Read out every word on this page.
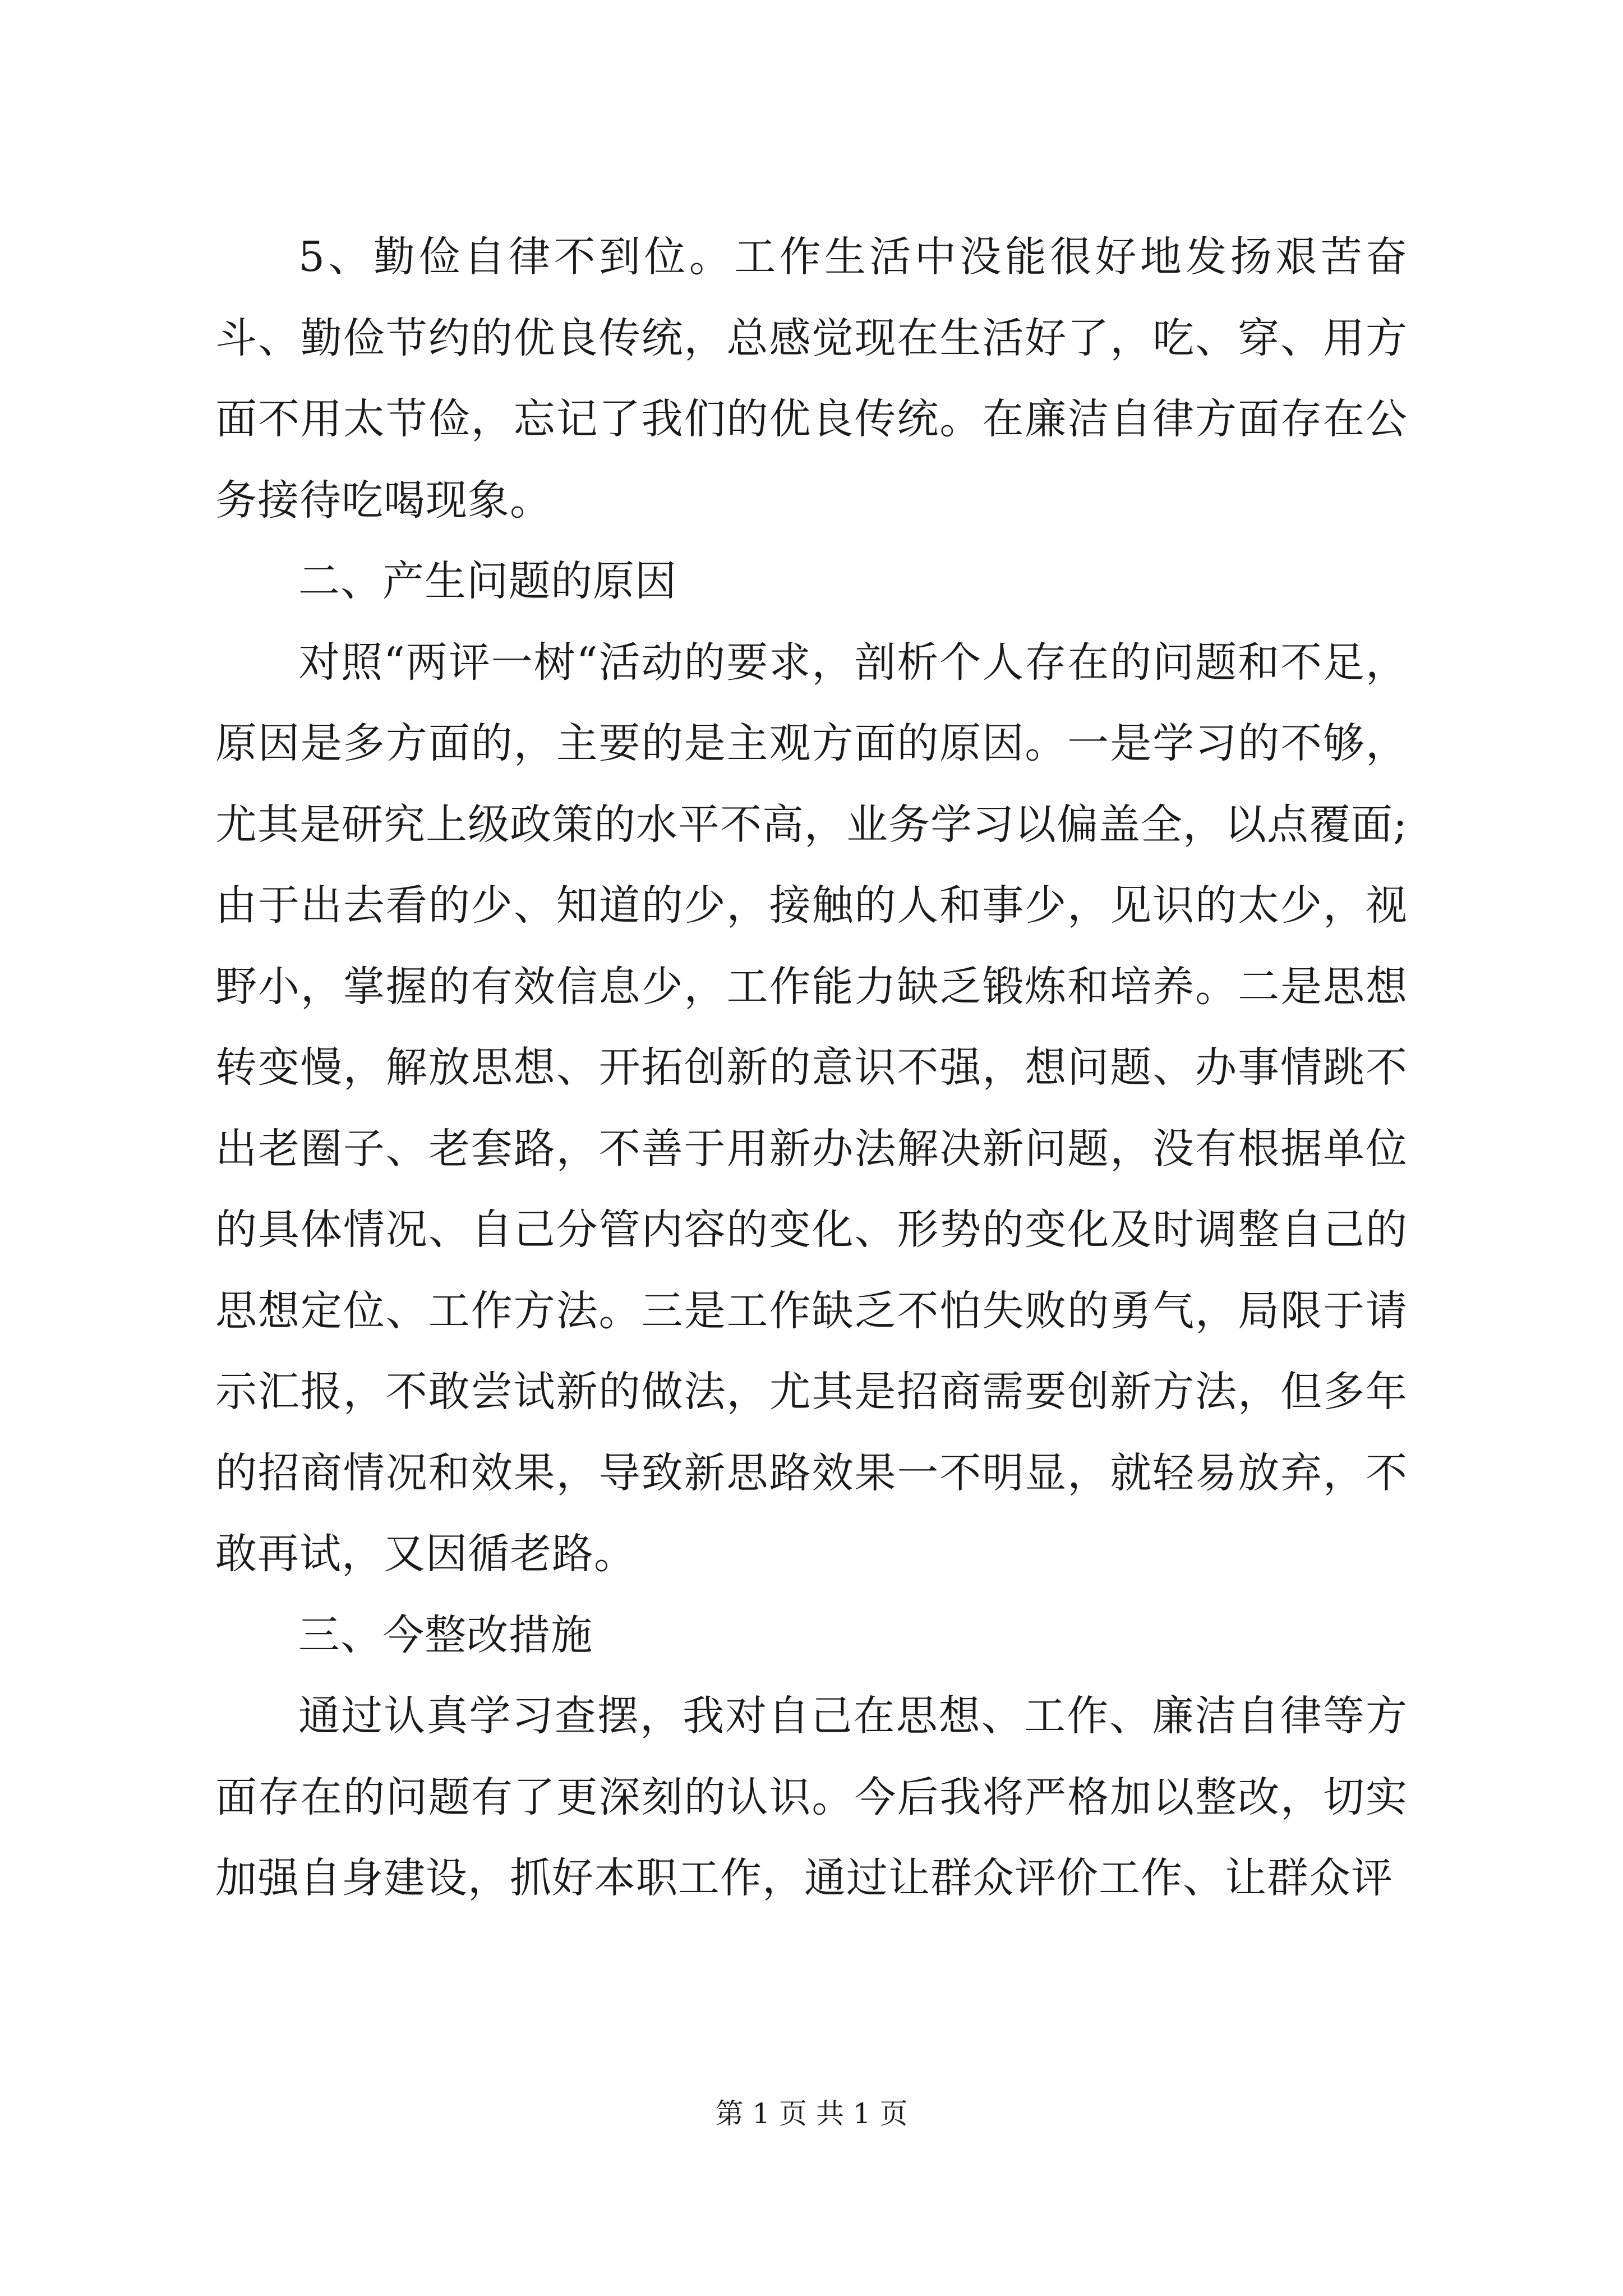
5、勤俭自律不到位。工作生活中没能很好地发扬艰苦奋斗、勤俭节约的优良传统，总感觉现在生活好了，吃、穿、用方面不用太节俭，忘记了我们的优良传统。在廉洁自律方面存在公务接待吃喝现象。

二、产生问题的原因

对照“两评一树“活动的要求，剖析个人存在的问题和不足，原因是多方面的，主要的是主观方面的原因。一是学习的不够，尤其是研究上级政策的水平不高，业务学习以偏盖全，以点覆面;由于出去看的少、知道的少，接触的人和事少，见识的太少，视野小，掌握的有效信息少，工作能力缺乏锻炼和培养。二是思想转变慢，解放思想、开拓创新的意识不强，想问题、办事情跳不出老圈子、老套路，不善于用新办法解决新问题，没有根据单位的具体情况、自己分管内容的变化、形势的变化及时调整自己的思想定位、工作方法。三是工作缺乏不怕失败的勇气，局限于请示汇报，不敢尝试新的做法，尤其是招商需要创新方法，但多年的招商情况和效果，导致新思路效果一不明显，就轻易放弃，不敢再试，又因循老路。

三、今整改措施

通过认真学习查摆，我对自己在思想、工作、廉洁自律等方面存在的问题有了更深刻的认识。今后我将严格加以整改，切实加强自身建设，抓好本职工作，通过让群众评价工作、让群众评

第 1 页 共 1 页
